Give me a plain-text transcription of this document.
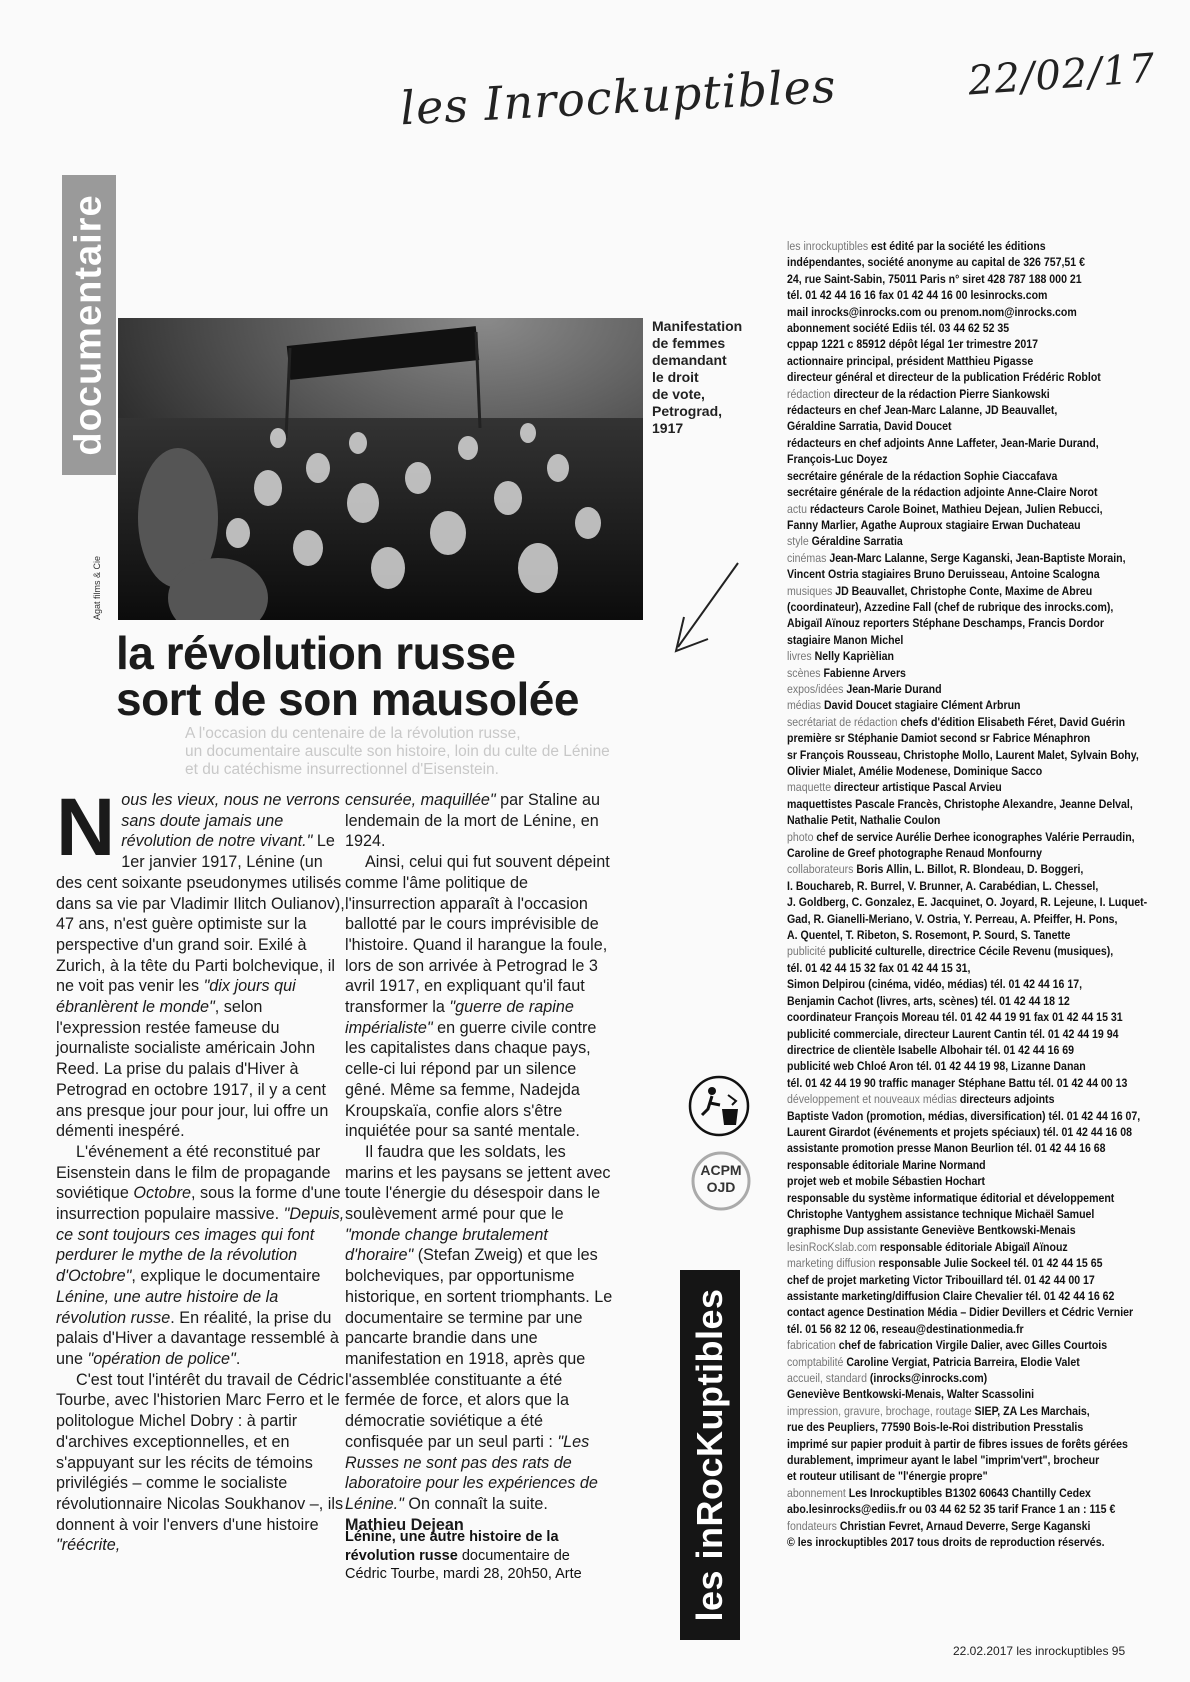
les Inrockuptibles	22/02/17
documentaire
Agat films & Cie
Manifestation
de femmes
demandant
le droit
de vote,
Petrograd,
1917
la révolution russe
sort de son mausolée
A l'occasion du centenaire de la révolution russe,
un documentaire ausculte son histoire, loin du culte de Lénine
et du catéchisme insurrectionnel d'Eisenstein.

Nous les vieux, nous ne verrons sans doute jamais une révolution de notre vivant." Le 1er janvier 1917, Lénine (un des cent soixante pseudonymes utilisés dans sa vie par Vladimir Ilitch Oulianov), 47 ans, n'est guère optimiste sur la perspective d'un grand soir. Exilé à Zurich, à la tête du Parti bolchevique, il ne voit pas venir les "dix jours qui ébranlèrent le monde", selon l'expression restée fameuse du journaliste socialiste américain John Reed. La prise du palais d'Hiver à Petrograd en octobre 1917, il y a cent ans presque jour pour jour, lui offre un démenti inespéré.

L'événement a été reconstitué par Eisenstein dans le film de propagande soviétique Octobre, sous la forme d'une insurrection populaire massive. "Depuis, ce sont toujours ces images qui font perdurer le mythe de la révolution d'Octobre", explique le documentaire Lénine, une autre histoire de la révolution russe. En réalité, la prise du palais d'Hiver a davantage ressemblé à une "opération de police".

C'est tout l'intérêt du travail de Cédric Tourbe, avec l'historien Marc Ferro et le politologue Michel Dobry : à partir d'archives exceptionnelles, et en s'appuyant sur les récits de témoins privilégiés – comme le socialiste révolutionnaire Nicolas Soukhanov –, ils donnent à voir l'envers d'une histoire "réécrite,

censurée, maquillée" par Staline au lendemain de la mort de Lénine, en 1924.

Ainsi, celui qui fut souvent dépeint comme l'âme politique de l'insurrection apparaît à l'occasion ballotté par le cours imprévisible de l'histoire. Quand il harangue la foule, lors de son arrivée à Petrograd le 3 avril 1917, en expliquant qu'il faut transformer la "guerre de rapine impérialiste" en guerre civile contre les capitalistes dans chaque pays, celle-ci lui répond par un silence gêné. Même sa femme, Nadejda Kroupskaïa, confie alors s'être inquiétée pour sa santé mentale.

Il faudra que les soldats, les marins et les paysans se jettent avec toute l'énergie du désespoir dans le soulèvement armé pour que le "monde change brutalement d'horaire" (Stefan Zweig) et que les bolcheviques, par opportunisme historique, en sortent triomphants. Le documentaire se termine par une pancarte brandie dans une manifestation en 1918, après que l'assemblée constituante a été fermée de force, et alors que la démocratie soviétique a été confisquée par un seul parti : "Les Russes ne sont pas des rats de laboratoire pour les expériences de Lénine." On connaît la suite.

Mathieu Dejean

Lénine, une autre histoire de la révolution russe documentaire de Cédric Tourbe, mardi 28, 20h50, Arte
les inrockuptibles est édité par la société les éditions
indépendantes, société anonyme au capital de 326 757,51 €
24, rue Saint-Sabin, 75011 Paris n° siret 428 787 188 000 21
tél. 01 42 44 16 16 fax 01 42 44 16 00 lesinrocks.com
mail inrocks@inrocks.com ou prenom.nom@inrocks.com
abonnement société Ediis tél. 03 44 62 52 35
cppap 1221 c 85912 dépôt légal 1er trimestre 2017
actionnaire principal, président Matthieu Pigasse
directeur général et directeur de la publication Frédéric Roblot
rédaction directeur de la rédaction Pierre Siankowski
rédacteurs en chef Jean-Marc Lalanne, JD Beauvallet,
Géraldine Sarratia, David Doucet
rédacteurs en chef adjoints Anne Laffeter, Jean-Marie Durand,
François-Luc Doyez
secrétaire générale de la rédaction Sophie Ciaccafava
secrétaire générale de la rédaction adjointe Anne-Claire Norot
actu rédacteurs Carole Boinet, Mathieu Dejean, Julien Rebucci,
Fanny Marlier, Agathe Auproux stagiaire Erwan Duchateau
style Géraldine Sarratia
cinémas Jean-Marc Lalanne, Serge Kaganski, Jean-Baptiste Morain,
Vincent Ostria stagiaires Bruno Deruisseau, Antoine Scalogna
musiques JD Beauvallet, Christophe Conte, Maxime de Abreu
(coordinateur), Azzedine Fall (chef de rubrique des inrocks.com),
Abigaïl Aïnouz reporters Stéphane Deschamps, Francis Dordor
stagiaire Manon Michel
livres Nelly Kaprièlian
scènes Fabienne Arvers
expos/idées Jean-Marie Durand
médias David Doucet stagiaire Clément Arbrun
secrétariat de rédaction chefs d'édition Elisabeth Féret, David Guérin
première sr Stéphanie Damiot second sr Fabrice Ménaphron
sr François Rousseau, Christophe Mollo, Laurent Malet, Sylvain Bohy,
Olivier Mialet, Amélie Modenese, Dominique Sacco
maquette directeur artistique Pascal Arvieu
maquettistes Pascale Francès, Christophe Alexandre, Jeanne Delval,
Nathalie Petit, Nathalie Coulon
photo chef de service Aurélie Derhee iconographes Valérie Perraudin,
Caroline de Greef photographe Renaud Monfourny
collaborateurs Boris Allin, L. Billot, R. Blondeau, D. Boggeri,
I. Bouchareb, R. Burrel, V. Brunner, A. Carabédian, L. Chessel,
J. Goldberg, C. Gonzalez, E. Jacquinet, O. Joyard, R. Lejeune, I. Luquet-
Gad, R. Gianelli-Meriano, V. Ostria, Y. Perreau, A. Pfeiffer, H. Pons,
A. Quentel, T. Ribeton, S. Rosemont, P. Sourd, S. Tanette
publicité publicité culturelle, directrice Cécile Revenu (musiques),
tél. 01 42 44 15 32 fax 01 42 44 15 31,
Simon Delpirou (cinéma, vidéo, médias) tél. 01 42 44 16 17,
Benjamin Cachot (livres, arts, scènes) tél. 01 42 44 18 12
coordinateur François Moreau tél. 01 42 44 19 91 fax 01 42 44 15 31
publicité commerciale, directeur Laurent Cantin tél. 01 42 44 19 94
directrice de clientèle Isabelle Albohair tél. 01 42 44 16 69
publicité web Chloé Aron tél. 01 42 44 19 98, Lizanne Danan
tél. 01 42 44 19 90 traffic manager Stéphane Battu tél. 01 42 44 00 13
développement et nouveaux médias directeurs adjoints
Baptiste Vadon (promotion, médias, diversification) tél. 01 42 44 16 07,
Laurent Girardot (événements et projets spéciaux) tél. 01 42 44 16 08
assistante promotion presse Manon Beurlion tél. 01 42 44 16 68
responsable éditoriale Marine Normand
projet web et mobile Sébastien Hochart
responsable du système informatique éditorial et développement
Christophe Vantyghem assistance technique Michaël Samuel
graphisme Dup assistante Geneviève Bentkowski-Menais
lesinRocKslab.com responsable éditoriale Abigaïl Aïnouz
marketing diffusion responsable Julie Sockeel tél. 01 42 44 15 65
chef de projet marketing Victor Tribouillard tél. 01 42 44 00 17
assistante marketing/diffusion Claire Chevalier tél. 01 42 44 16 62
contact agence Destination Média – Didier Devillers et Cédric Vernier
tél. 01 56 82 12 06, reseau@destinationmedia.fr
fabrication chef de fabrication Virgile Dalier, avec Gilles Courtois
comptabilité Caroline Vergiat, Patricia Barreira, Elodie Valet
accueil, standard (inrocks@inrocks.com)
Geneviève Bentkowski-Menais, Walter Scassolini
impression, gravure, brochage, routage SIEP, ZA Les Marchais,
rue des Peupliers, 77590 Bois-le-Roi distribution Presstalis
imprimé sur papier produit à partir de fibres issues de forêts gérées
durablement, imprimeur ayant le label "imprim'vert", brocheur
et routeur utilisant de "l'énergie propre"
abonnement Les Inrockuptibles B1302 60643 Chantilly Cedex
abo.lesinrocks@ediis.fr ou 03 44 62 52 35 tarif France 1 an : 115 €
fondateurs Christian Fevret, Arnaud Deverre, Serge Kaganski
© les inrockuptibles 2017 tous droits de reproduction réservés.
ACPM
OJD
les inRocKuptibles
22.02.2017 les inrockuptibles 95
